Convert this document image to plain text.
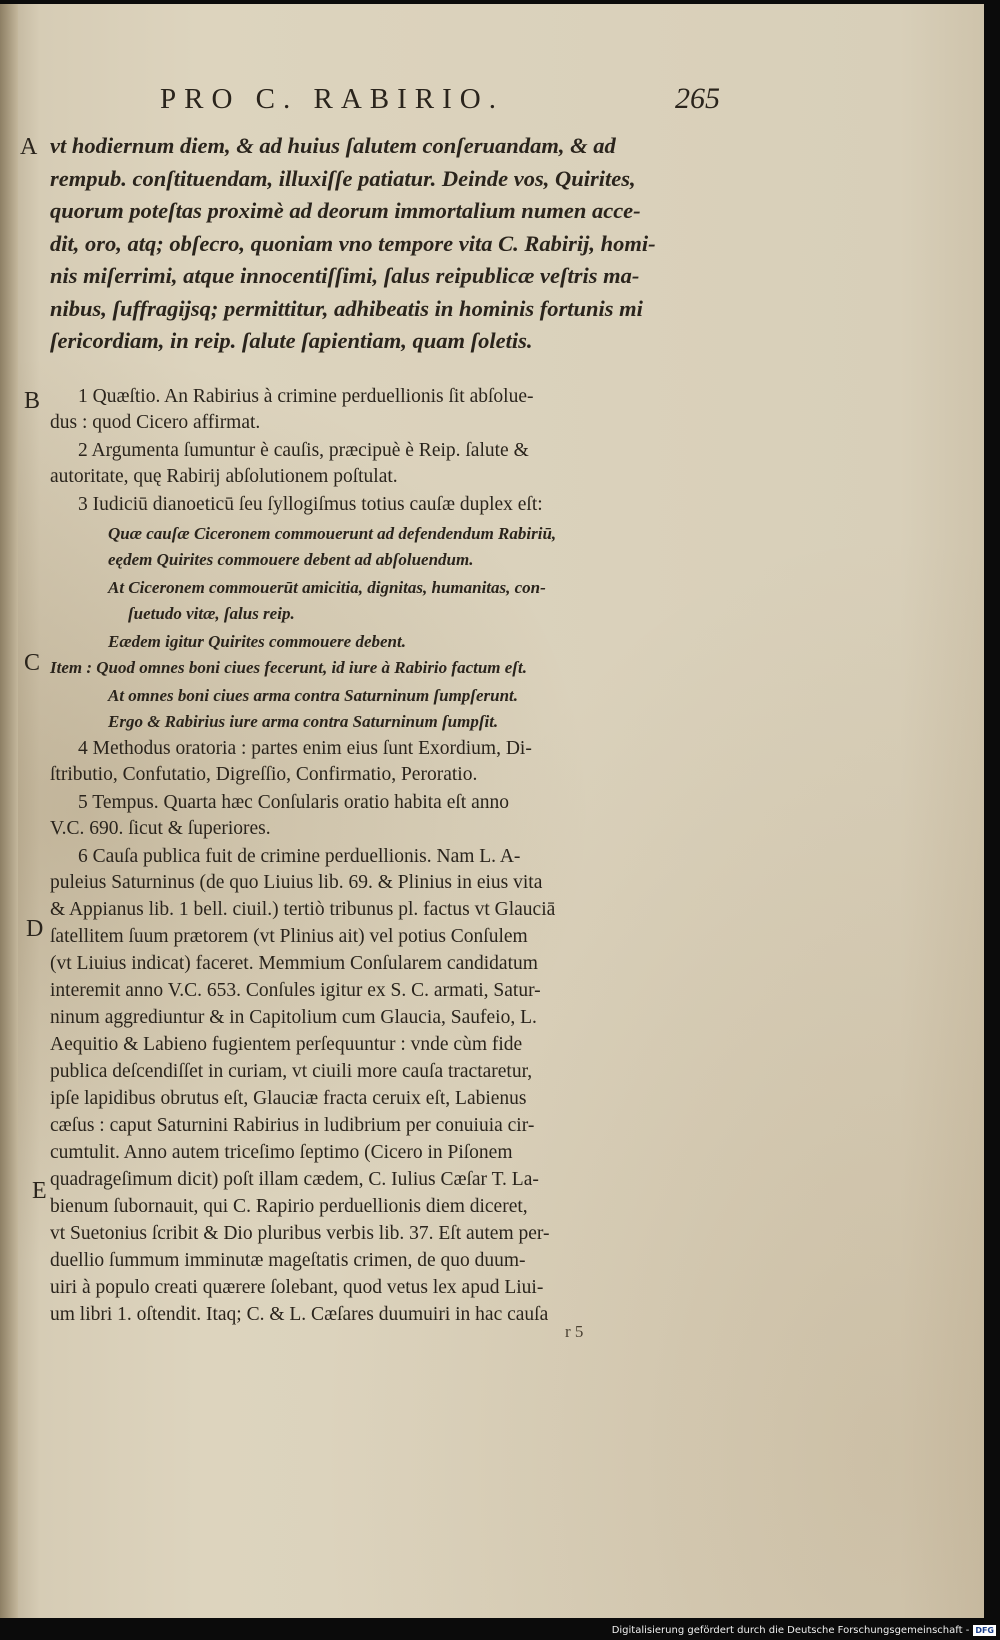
PRO C. RABIRIO.	265
A
B
C
D
E
vt hodiernum diem, & ad huius ſalutem conſeruandam, & ad
rempub. conſtituendam, illuxiſſe patiatur. Deinde vos, Quirites,
quorum poteſtas proximè ad deorum immortalium numen acce-
dit, oro, atq; obſecro, quoniam vno tempore vita C. Rabirij, homi-
nis miſerrimi, atque innocentiſſimi, ſalus reipublicæ veſtris ma-
nibus, ſuffragijsq; permittitur, adhibeatis in hominis fortunis mi
ſericordiam, in reip. ſalute ſapientiam, quam ſoletis.
1 Quæſtio. An Rabirius à crimine perduellionis ſit abſolue-
dus : quod Cicero affirmat.
2 Argumenta ſumuntur è cauſis, præcipuè è Reip. ſalute &
autoritate, quę Rabirij abſolutionem poſtulat.
3 Iudiciū dianoeticū ſeu ſyllogiſmus totius cauſæ duplex eſt:
Quæ cauſæ Ciceronem commouerunt ad defendendum Rabiriū,
eędem Quirites commouere debent ad abſoluendum.
At Ciceronem commouerūt amicitia, dignitas, humanitas, con-
ſuetudo vitæ, ſalus reip.
Eædem igitur Quirites commouere debent.
Item : Quod omnes boni ciues fecerunt, id iure à Rabirio factum eſt.
At omnes boni ciues arma contra Saturninum ſumpſerunt.
Ergo & Rabirius iure arma contra Saturninum ſumpſit.
4 Methodus oratoria : partes enim eius ſunt Exordium, Di-
ſtributio, Confutatio, Digreſſio, Confirmatio, Peroratio.
5 Tempus. Quarta hæc Conſularis oratio habita eſt anno
V.C. 690. ſicut & ſuperiores.
6 Cauſa publica fuit de crimine perduellionis. Nam L. A-
puleius Saturninus (de quo Liuius lib. 69. & Plinius in eius vita
& Appianus lib. 1 bell. ciuil.) tertiò tribunus pl. factus vt Glauciā
ſatellitem ſuum prætorem (vt Plinius ait) vel potius Conſulem
(vt Liuius indicat) faceret. Memmium Conſularem candidatum
interemit anno V.C. 653. Conſules igitur ex S. C. armati, Satur-
ninum aggrediuntur & in Capitolium cum Glaucia, Saufeio, L.
Aequitio & Labieno fugientem perſequuntur : vnde cùm fide
publica deſcendiſſet in curiam, vt ciuili more cauſa tractaretur,
ipſe lapidibus obrutus eſt, Glauciæ fracta ceruix eſt, Labienus
cæſus : caput Saturnini Rabirius in ludibrium per conuiuia cir-
cumtulit. Anno autem triceſimo ſeptimo (Cicero in Piſonem
quadrageſimum dicit) poſt illam cædem, C. Iulius Cæſar T. La-
bienum ſubornauit, qui C. Rapirio perduellionis diem diceret,
vt Suetonius ſcribit & Dio pluribus verbis lib. 37. Eſt autem per-
duellio ſummum imminutæ mageſtatis crimen, de quo duum-
uiri à populo creati quærere ſolebant, quod vetus lex apud Liui-
um libri 1. oſtendit. Itaq; C. & L. Cæſares duumuiri in hac cauſa
r 5
Digitalisierung gefördert durch die Deutsche Forschungsgemeinschaft - DFG
